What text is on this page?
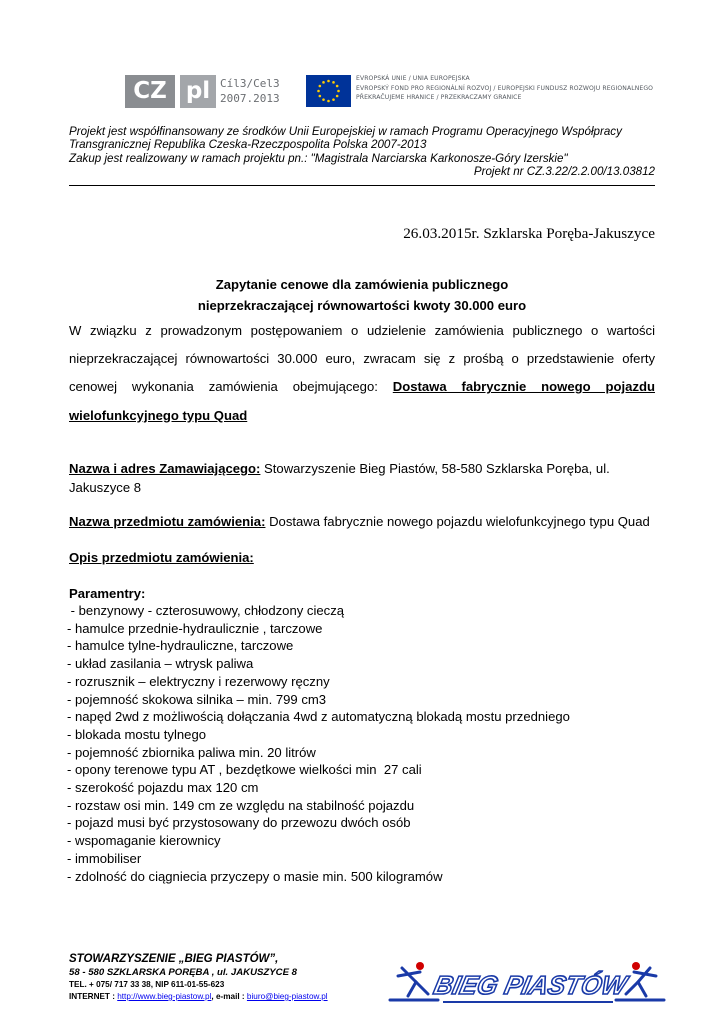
CZ pl Cíl3/Cel3
2007.2013
EVROPSKÁ UNIE / UNIA EUROPEJSKA
EVROPSKÝ FOND PRO REGIONÁLNÍ ROZVOJ / EUROPEJSKI FUNDUSZ ROZWOJU REGIONALNEGO
PŘEKRAČUJEME HRANICE / PRZEKRACZAMY GRANICE
Projekt jest współfinansowany ze środków Unii Europejskiej w ramach Programu Operacyjnego Współpracy
Transgranicznej Republika Czeska-Rzeczpospolita Polska 2007-2013
Zakup jest realizowany w ramach projektu pn.: "Magistrala Narciarska Karkonosze-Góry Izerskie"
Projekt nr CZ.3.22/2.2.00/13.03812
26.03.2015r. Szklarska Poręba-Jakuszyce
Zapytanie cenowe dla zamówienia publicznego
nieprzekraczającej równowartości kwoty 30.000 euro
W związku z prowadzonym postępowaniem o udzielenie zamówienia publicznego o wartości nieprzekraczającej równowartości 30.000 euro, zwracam się z prośbą o przedstawienie oferty cenowej wykonania zamówienia obejmującego: Dostawa fabrycznie nowego pojazdu wielofunkcyjnego typu Quad
Nazwa i adres Zamawiającego: Stowarzyszenie Bieg Piastów, 58-580 Szklarska Poręba, ul. Jakuszyce 8
Nazwa przedmiotu zamówienia: Dostawa fabrycznie nowego pojazdu wielofunkcyjnego typu Quad
Opis przedmiotu zamówienia:
Paramentry:
- benzynowy - czterosuwowy, chłodzony cieczą
- hamulce przednie-hydraulicznie , tarczowe
- hamulce tylne-hydrauliczne, tarczowe
- układ zasilania – wtrysk paliwa
- rozrusznik – elektryczny i rezerwowy ręczny
- pojemność skokowa silnika – min. 799 cm3
- napęd 2wd z możliwością dołączania 4wd z automatyczną blokadą mostu przedniego
- blokada mostu tylnego
- pojemność zbiornika paliwa min. 20 litrów
- opony terenowe typu AT , bezdętkowe wielkości min  27 cali
- szerokość pojazdu max 120 cm
- rozstaw osi min. 149 cm ze względu na stabilność pojazdu
- pojazd musi być przystosowany do przewozu dwóch osób
- wspomaganie kierownicy
- immobiliser
- zdolność do ciągniecia przyczepy o masie min. 500 kilogramów
STOWARZYSZENIE „BIEG PIASTÓW”,
58 - 580 SZKLARSKA PORĘBA , ul. JAKUSZYCE 8
TEL. + 075/ 717 33 38, NIP 611-01-55-623
INTERNET : http://www.bieg-piastow.pl, e-mail : biuro@bieg-piastow.pl	BIEG PIASTÓW
